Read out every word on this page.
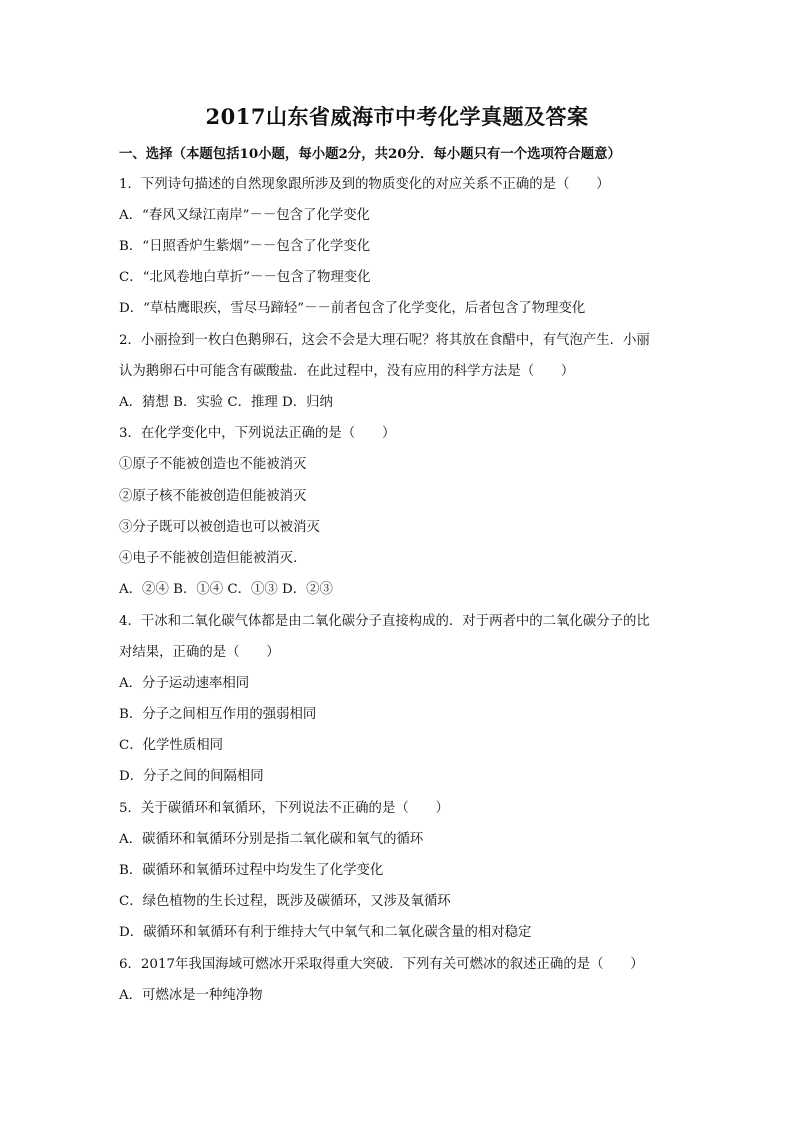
2017山东省威海市中考化学真题及答案
一、选择（本题包括10小题，每小题2分，共20分．每小题只有一个选项符合题意）
1．下列诗句描述的自然现象跟所涉及到的物质变化的对应关系不正确的是（　　）
A．“春风又绿江南岸”－－包含了化学变化
B．“日照香炉生紫烟”－－包含了化学变化
C．“北风卷地白草折”－－包含了物理变化
D．“草枯鹰眼疾，雪尽马蹄轻”－－前者包含了化学变化，后者包含了物理变化
2．小丽捡到一枚白色鹅卵石，这会不会是大理石呢？将其放在食醋中，有气泡产生．小丽
认为鹅卵石中可能含有碳酸盐．在此过程中，没有应用的科学方法是（　　）
A．猜想 B．实验 C．推理 D．归纳
3．在化学变化中，下列说法正确的是（　　）
①原子不能被创造也不能被消灭
②原子核不能被创造但能被消灭
③分子既可以被创造也可以被消灭
④电子不能被创造但能被消灭．
A．②④ B．①④ C．①③ D．②③
4．干冰和二氧化碳气体都是由二氧化碳分子直接构成的．对于两者中的二氧化碳分子的比
对结果，正确的是（　　）
A．分子运动速率相同
B．分子之间相互作用的强弱相同
C．化学性质相同
D．分子之间的间隔相同
5．关于碳循环和氧循环，下列说法不正确的是（　　）
A．碳循环和氧循环分别是指二氧化碳和氧气的循环
B．碳循环和氧循环过程中均发生了化学变化
C．绿色植物的生长过程，既涉及碳循环，又涉及氧循环
D．碳循环和氧循环有利于维持大气中氧气和二氧化碳含量的相对稳定
6．2017年我国海域可燃冰开采取得重大突破．下列有关可燃冰的叙述正确的是（　　）
A．可燃冰是一种纯净物
